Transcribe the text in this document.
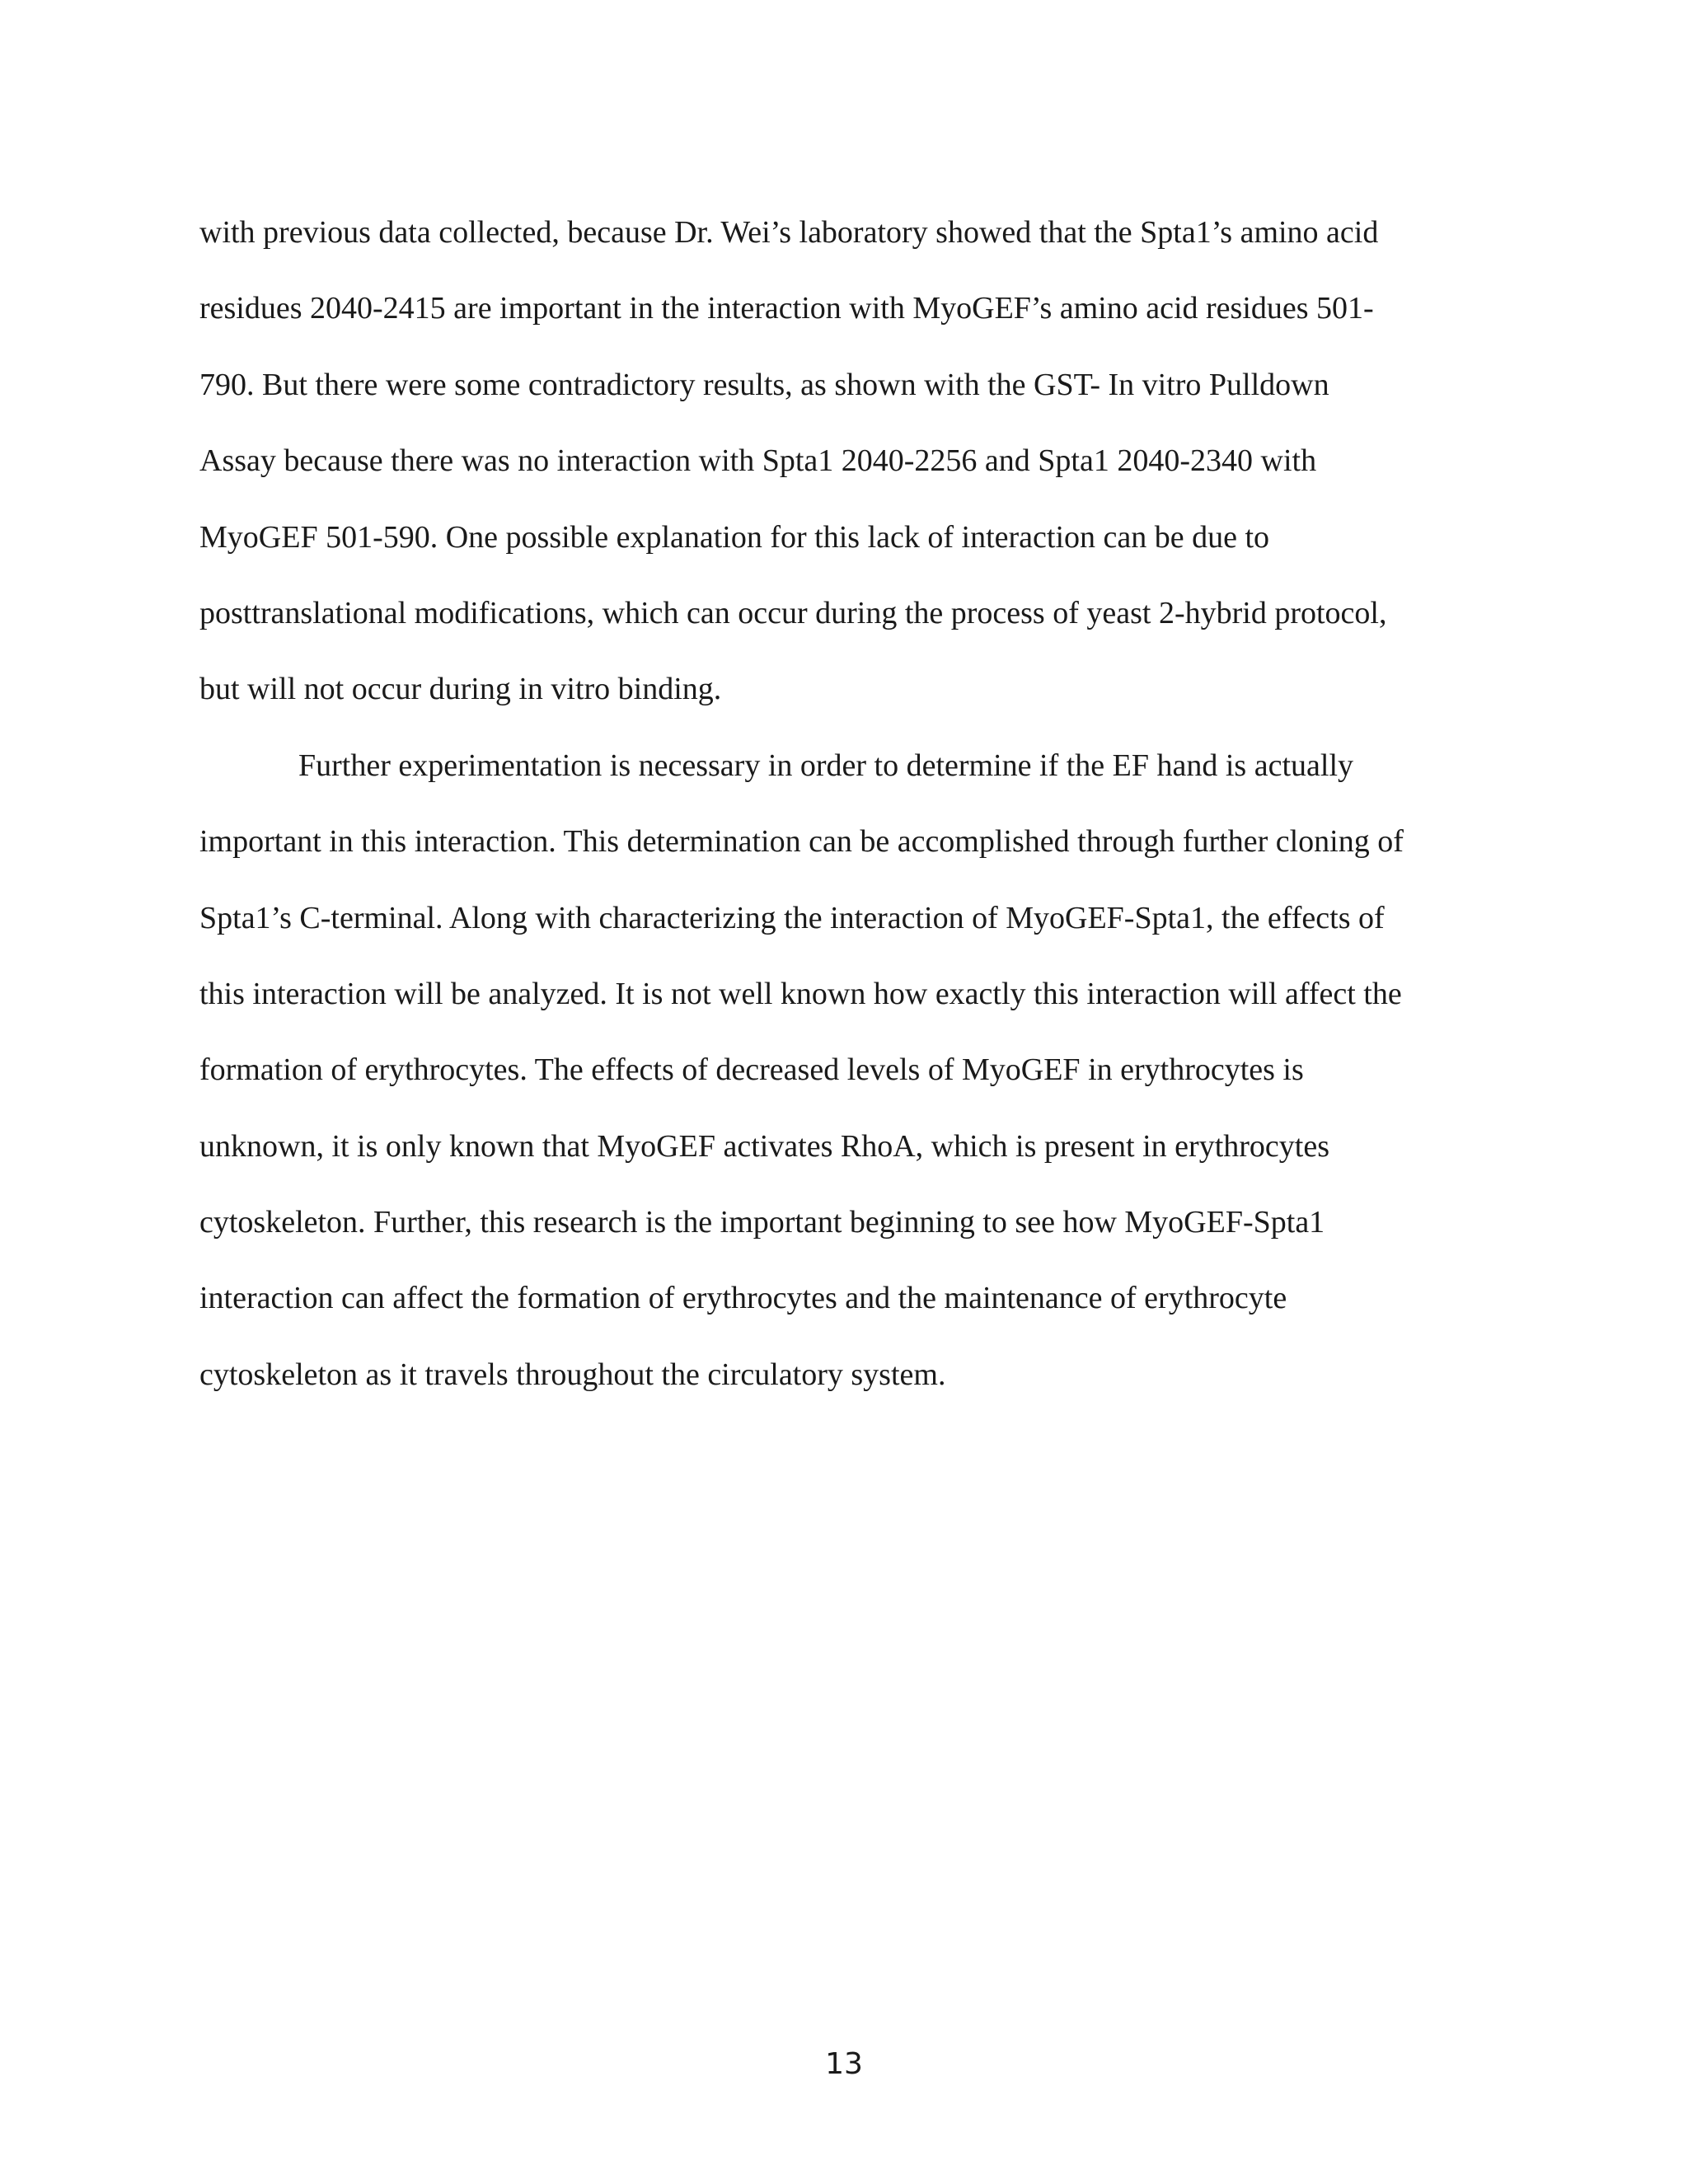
with previous data collected, because Dr. Wei’s laboratory showed that the Spta1’s amino acid
residues 2040-2415 are important in the interaction with MyoGEF’s amino acid residues 501-
790. But there were some contradictory results, as shown with the GST- In vitro Pulldown
Assay because there was no interaction with Spta1 2040-2256 and Spta1 2040-2340 with
MyoGEF 501-590. One possible explanation for this lack of interaction can be due to
posttranslational modifications, which can occur during the process of yeast 2-hybrid protocol,
but will not occur during in vitro binding.
Further experimentation is necessary in order to determine if the EF hand is actually
important in this interaction. This determination can be accomplished through further cloning of
Spta1’s C-terminal. Along with characterizing the interaction of MyoGEF-Spta1, the effects of
this interaction will be analyzed. It is not well known how exactly this interaction will affect the
formation of erythrocytes. The effects of decreased levels of MyoGEF in erythrocytes is
unknown, it is only known that MyoGEF activates RhoA, which is present in erythrocytes
cytoskeleton. Further, this research is the important beginning to see how MyoGEF-Spta1
interaction can affect the formation of erythrocytes and the maintenance of erythrocyte
cytoskeleton as it travels throughout the circulatory system.
13
